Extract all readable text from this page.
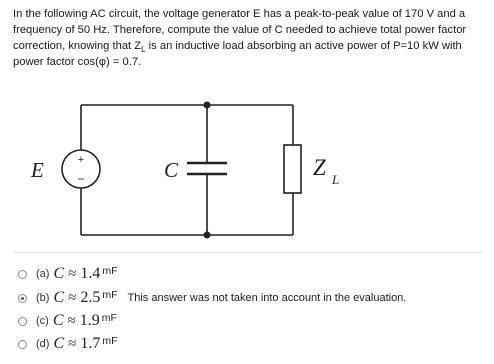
In the following AC circuit, the voltage generator E has a peak-to-peak value of 170 V and a frequency of 50 Hz. Therefore, compute the value of C needed to achieve total power factor correction, knowing that $Z_L$ is an inductive load absorbing an active power of P=10 kW with power factor cos(φ) = 0.7.
+
−
E	C	Z L
(a) C ≈ 1.4 mF
(b) C ≈ 2.5 mF This answer was not taken into account in the evaluation.
(c) C ≈ 1.9 mF
(d) C ≈ 1.7 mF
